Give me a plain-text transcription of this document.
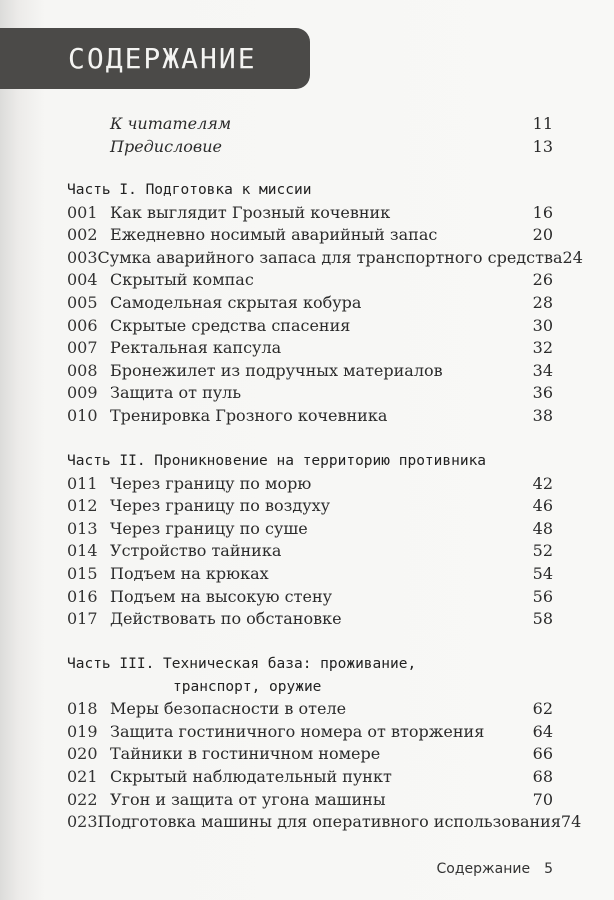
СОДЕРЖАНИЕ
К читателям	11
Предисловие	13
Часть I. Подготовка к миссии
001 Как выглядит Грозный кочевник	16
002 Ежедневно носимый аварийный запас	20
003 Сумка аварийного запаса для транспортного средства 24
004 Скрытый компас	26
005 Самодельная скрытая кобура	28
006 Скрытые средства спасения	30
007 Ректальная капсула	32
008 Бронежилет из подручных материалов	34
009 Защита от пуль	36
010 Тренировка Грозного кочевника	38
Часть II. Проникновение на территорию противника
011 Через границу по морю	42
012 Через границу по воздуху	46
013 Через границу по суше	48
014 Устройство тайника	52
015 Подъем на крюках	54
016 Подъем на высокую стену	56
017 Действовать по обстановке	58
Часть III. Техническая база: проживание,
транспорт, оружие
018 Меры безопасности в отеле	62
019 Защита гостиничного номера от вторжения	64
020 Тайники в гостиничном номере	66
021 Скрытый наблюдательный пункт	68
022 Угон и защита от угона машины	70
023 Подготовка машины для оперативного использования 74
Содержание 5
